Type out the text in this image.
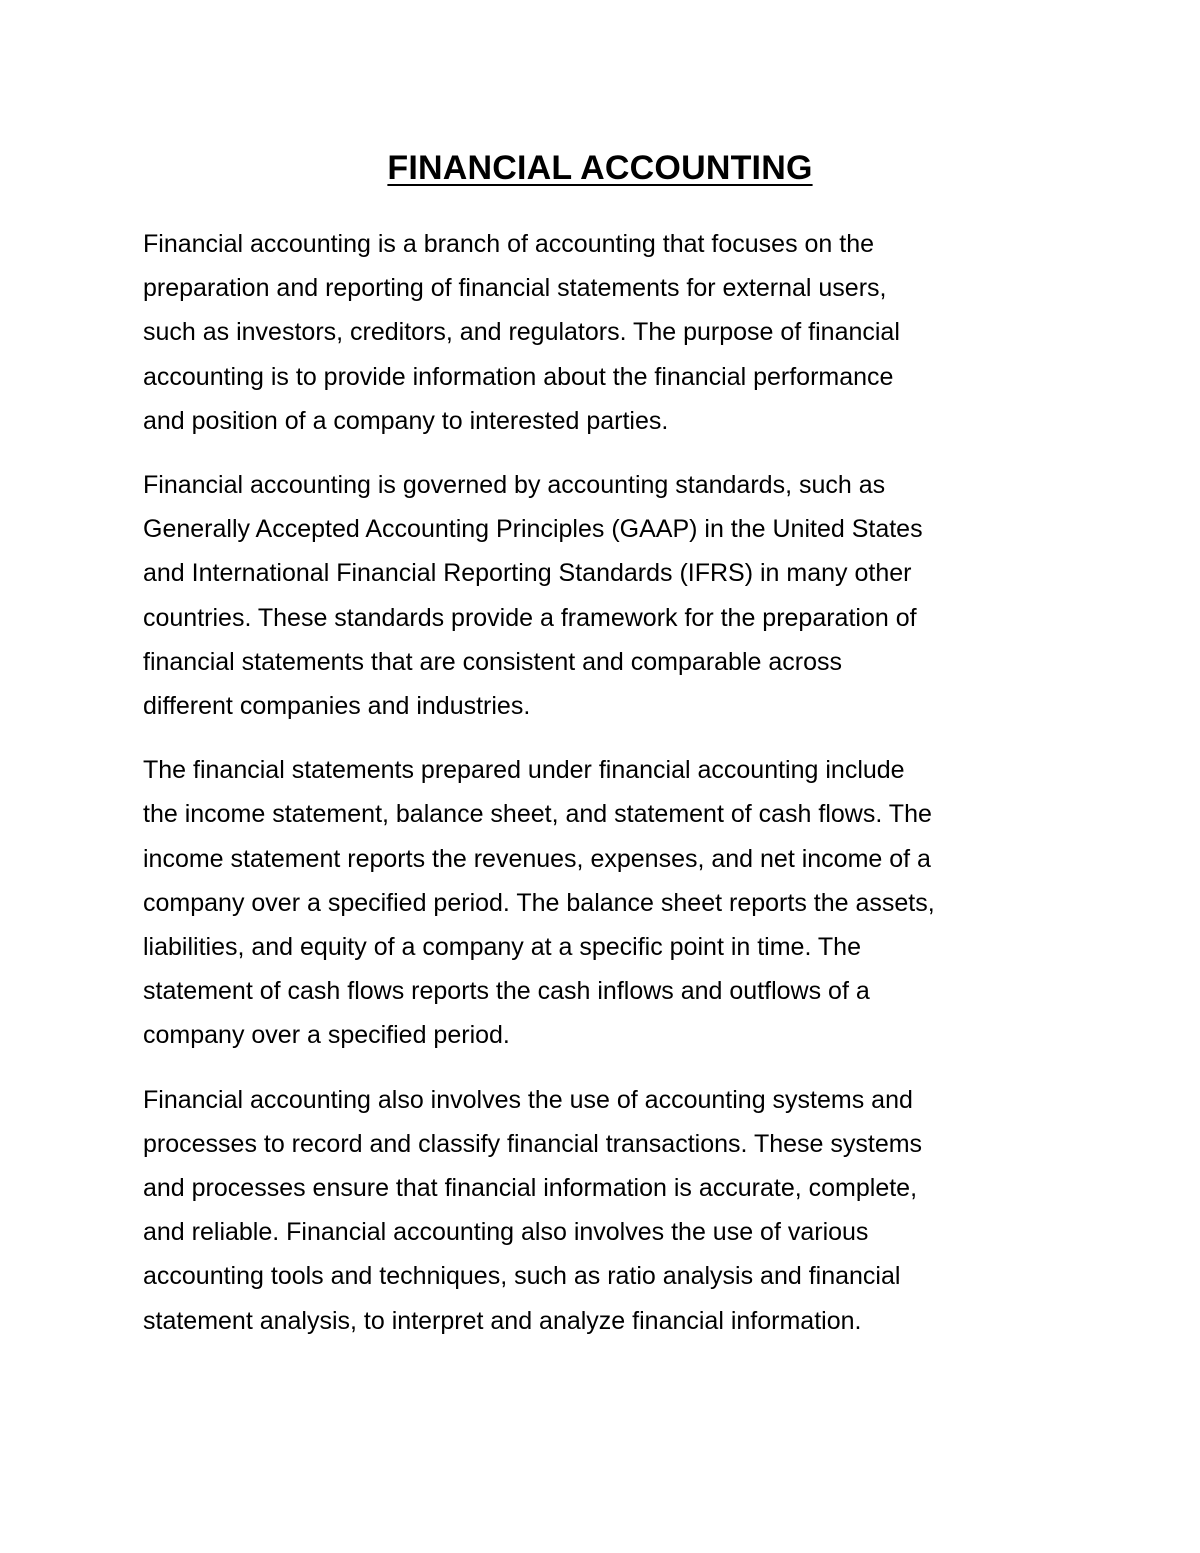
FINANCIAL ACCOUNTING

Financial accounting is a branch of accounting that focuses on the
preparation and reporting of financial statements for external users,
such as investors, creditors, and regulators. The purpose of financial
accounting is to provide information about the financial performance
and position of a company to interested parties.

Financial accounting is governed by accounting standards, such as
Generally Accepted Accounting Principles (GAAP) in the United States
and International Financial Reporting Standards (IFRS) in many other
countries. These standards provide a framework for the preparation of
financial statements that are consistent and comparable across
different companies and industries.

The financial statements prepared under financial accounting include
the income statement, balance sheet, and statement of cash flows. The
income statement reports the revenues, expenses, and net income of a
company over a specified period. The balance sheet reports the assets,
liabilities, and equity of a company at a specific point in time. The
statement of cash flows reports the cash inflows and outflows of a
company over a specified period.

Financial accounting also involves the use of accounting systems and
processes to record and classify financial transactions. These systems
and processes ensure that financial information is accurate, complete,
and reliable. Financial accounting also involves the use of various
accounting tools and techniques, such as ratio analysis and financial
statement analysis, to interpret and analyze financial information.
